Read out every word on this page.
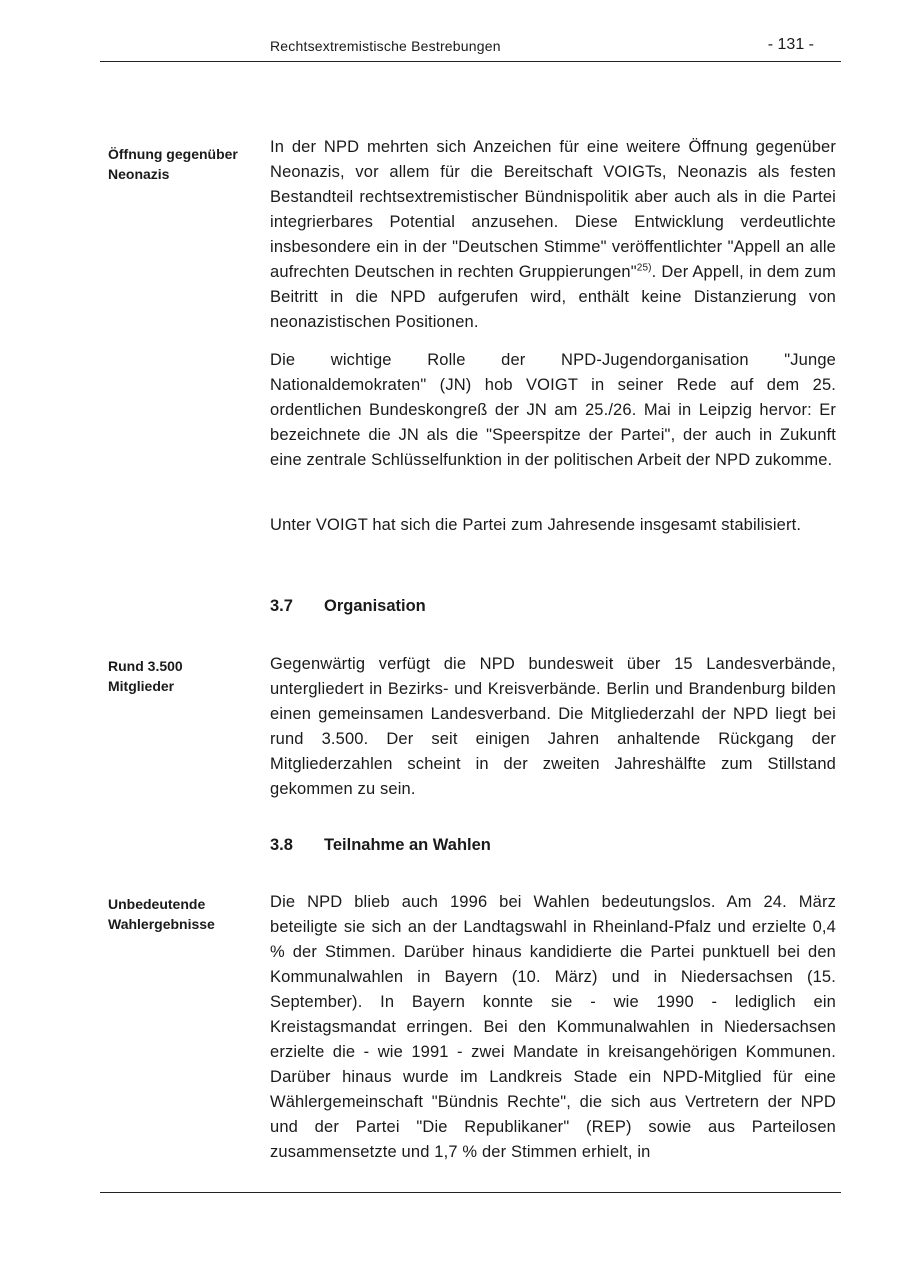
Rechtsextremistische Bestrebungen	- 131 -
Öffnung gegenüber
Neonazis
In der NPD mehrten sich Anzeichen für eine weitere Öffnung gegenüber Neonazis, vor allem für die Bereitschaft VOIGTs, Neonazis als festen Bestandteil rechtsextremistischer Bündnispolitik aber auch als in die Partei integrierbares Potential anzusehen. Diese Entwicklung verdeutlichte insbesondere ein in der "Deutschen Stimme" veröffentlichter "Appell an alle aufrechten Deutschen in rechten Gruppierungen"$^{25)}$. Der Appell, in dem zum Beitritt in die NPD aufgerufen wird, enthält keine Distanzierung von neonazistischen Positionen.
Die wichtige Rolle der NPD-Jugendorganisation "Junge Nationaldemokraten" (JN) hob VOIGT in seiner Rede auf dem 25. ordentlichen Bundeskongreß der JN am 25./26. Mai in Leipzig hervor: Er bezeichnete die JN als die "Speerspitze der Partei", der auch in Zukunft eine zentrale Schlüsselfunktion in der politischen Arbeit der NPD zukomme.
Unter VOIGT hat sich die Partei zum Jahresende insgesamt stabilisiert.
3.7 Organisation
Rund 3.500
Mitglieder
Gegenwärtig verfügt die NPD bundesweit über 15 Landesverbände, untergliedert in Bezirks- und Kreisverbände. Berlin und Brandenburg bilden einen gemeinsamen Landesverband. Die Mitgliederzahl der NPD liegt bei rund 3.500. Der seit einigen Jahren anhaltende Rückgang der Mitgliederzahlen scheint in der zweiten Jahreshälfte zum Stillstand gekommen zu sein.
3.8 Teilnahme an Wahlen
Unbedeutende
Wahlergebnisse
Die NPD blieb auch 1996 bei Wahlen bedeutungslos. Am 24. März beteiligte sie sich an der Landtagswahl in Rheinland-Pfalz und erzielte 0,4 % der Stimmen. Darüber hinaus kandidierte die Partei punktuell bei den Kommunalwahlen in Bayern (10. März) und in Niedersachsen (15. September). In Bayern konnte sie - wie 1990 - lediglich ein Kreistagsmandat erringen. Bei den Kommunalwahlen in Niedersachsen erzielte die - wie 1991 - zwei Mandate in kreisangehörigen Kommunen. Darüber hinaus wurde im Landkreis Stade ein NPD-Mitglied für eine Wählergemeinschaft "Bündnis Rechte", die sich aus Vertretern der NPD und der Partei "Die Republikaner" (REP) sowie aus Parteilosen zusammensetzte und 1,7 % der Stimmen erhielt, in
